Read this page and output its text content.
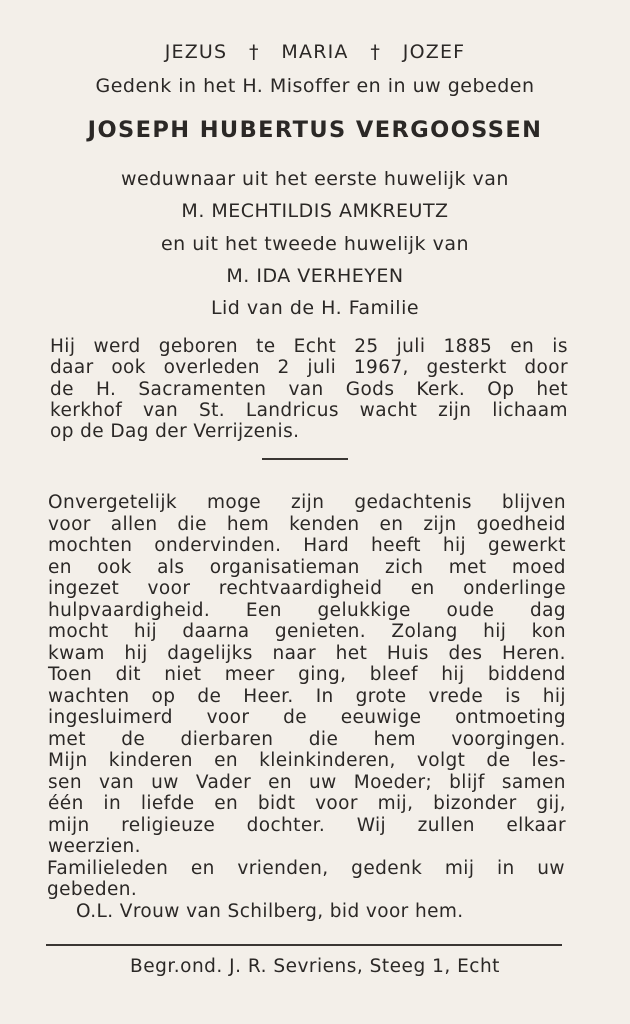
JEZUS   †   MARIA   †   JOZEF
Gedenk in het H. Misoffer en in uw gebeden
JOSEPH HUBERTUS VERGOOSSEN
weduwnaar uit het eerste huwelijk van
M. MECHTILDIS AMKREUTZ
en uit het tweede huwelijk van
M. IDA VERHEYEN
Lid van de H. Familie
Hij werd geboren te Echt 25 juli 1885 en is
daar ook overleden 2 juli 1967, gesterkt door
de H. Sacramenten van Gods Kerk. Op het
kerkhof van St. Landricus wacht zijn lichaam
op de Dag der Verrijzenis.
Onvergetelijk moge zijn gedachtenis blijven
voor allen die hem kenden en zijn goedheid
mochten ondervinden. Hard heeft hij gewerkt
en ook als organisatieman zich met moed
ingezet voor rechtvaardigheid en onderlinge
hulpvaardigheid. Een gelukkige oude dag
mocht hij daarna genieten. Zolang hij kon
kwam hij dagelijks naar het Huis des Heren.
Toen dit niet meer ging, bleef hij biddend
wachten op de Heer. In grote vrede is hij
ingesluimerd voor de eeuwige ontmoeting
met de dierbaren die hem voorgingen.
Mijn kinderen en kleinkinderen, volgt de les-
sen van uw Vader en uw Moeder; blijf samen
één in liefde en bidt voor mij, bizonder gij,
mijn religieuze dochter. Wij zullen elkaar
weerzien.
Familieleden en vrienden, gedenk mij in uw
gebeden.
O.L. Vrouw van Schilberg, bid voor hem.
Begr.ond. J. R. Sevriens, Steeg 1, Echt
